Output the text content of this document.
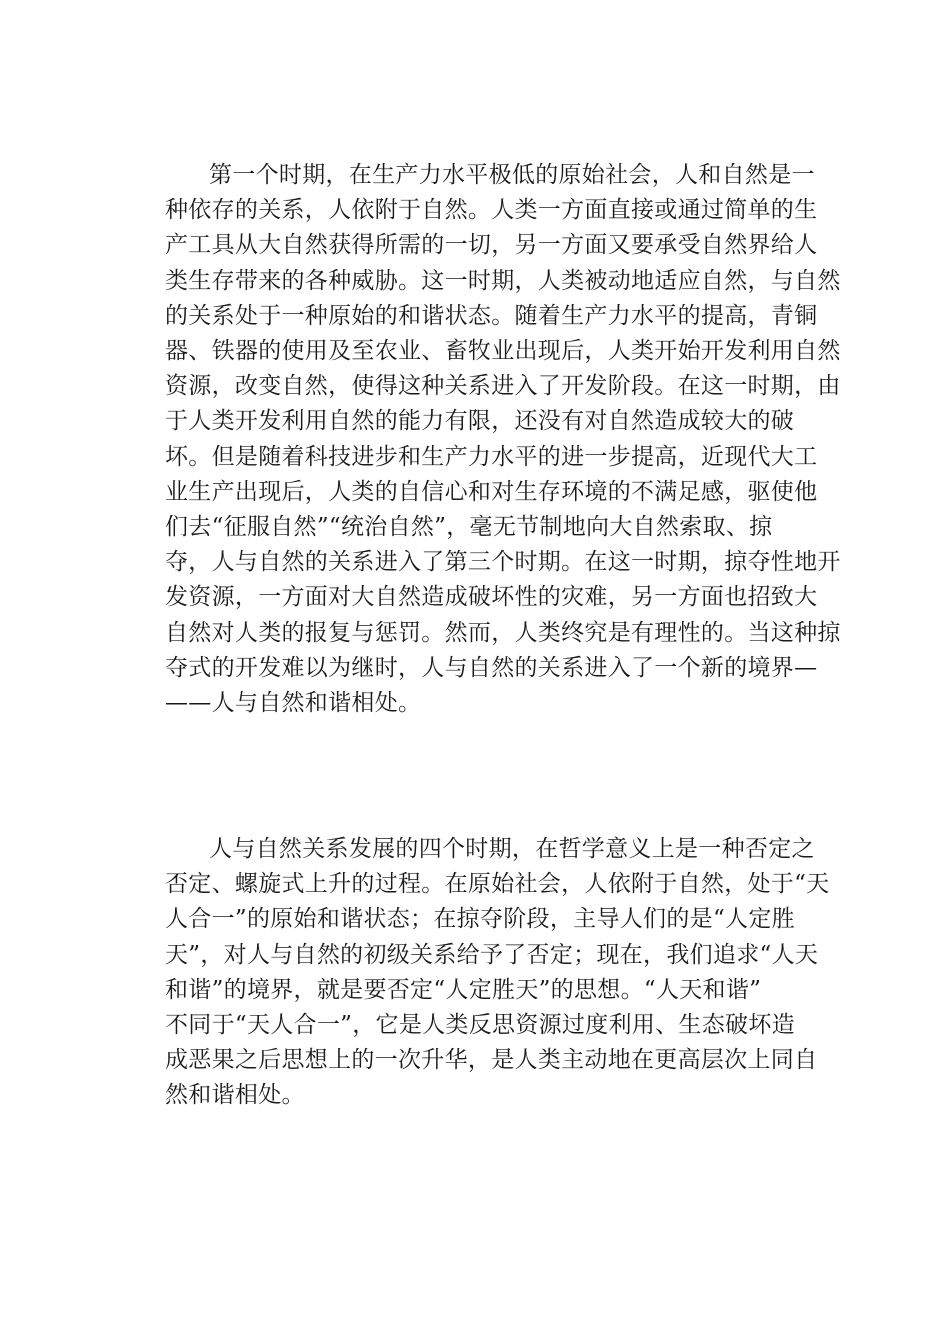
第一个时期，在生产力水平极低的原始社会，人和自然是一
种依存的关系，人依附于自然。人类一方面直接或通过简单的生
产工具从大自然获得所需的一切，另一方面又要承受自然界给人
类生存带来的各种威胁。这一时期，人类被动地适应自然，与自然
的关系处于一种原始的和谐状态。随着生产力水平的提高，青铜
器、铁器的使用及至农业、畜牧业出现后，人类开始开发利用自然
资源，改变自然，使得这种关系进入了开发阶段。在这一时期，由
于人类开发利用自然的能力有限，还没有对自然造成较大的破
坏。但是随着科技进步和生产力水平的进一步提高，近现代大工
业生产出现后，人类的自信心和对生存环境的不满足感，驱使他
们去“征服自然”“统治自然”，毫无节制地向大自然索取、掠
夺，人与自然的关系进入了第三个时期。在这一时期，掠夺性地开
发资源，一方面对大自然造成破坏性的灾难，另一方面也招致大
自然对人类的报复与惩罚。然而，人类终究是有理性的。当这种掠
夺式的开发难以为继时，人与自然的关系进入了一个新的境界—
——人与自然和谐相处。

人与自然关系发展的四个时期，在哲学意义上是一种否定之
否定、螺旋式上升的过程。在原始社会，人依附于自然，处于“天
人合一”的原始和谐状态；在掠夺阶段，主导人们的是“人定胜
天”，对人与自然的初级关系给予了否定；现在，我们追求“人天
和谐”的境界，就是要否定“人定胜天”的思想。“人天和谐”
不同于“天人合一”，它是人类反思资源过度利用、生态破坏造
成恶果之后思想上的一次升华，是人类主动地在更高层次上同自
然和谐相处。
